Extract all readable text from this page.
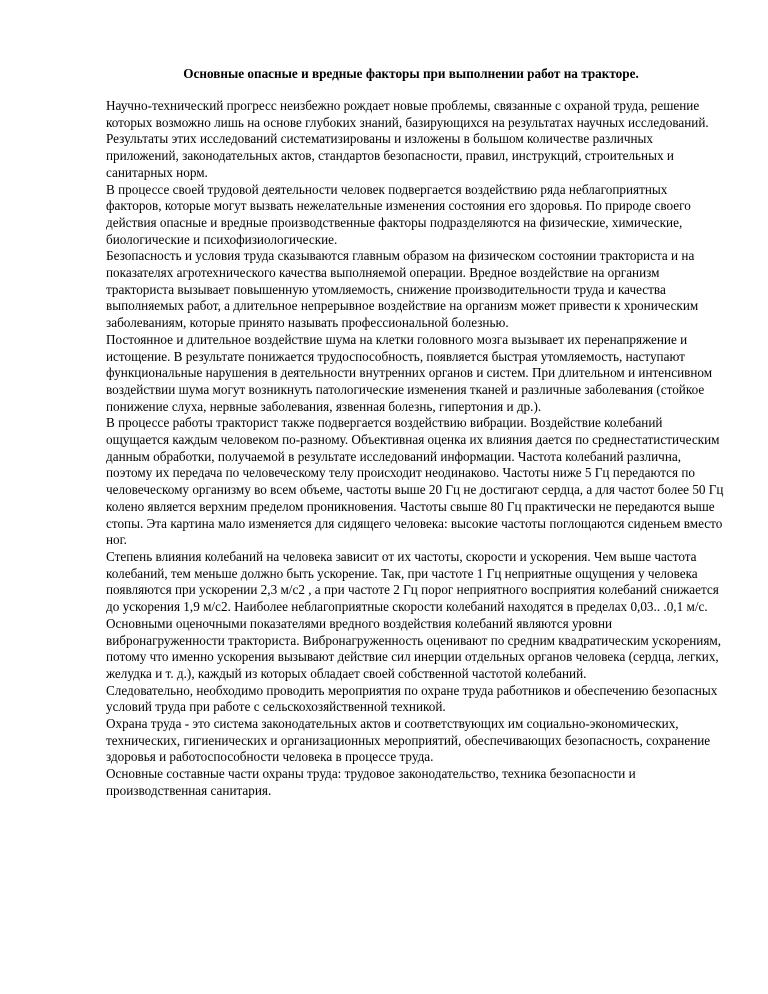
Основные опасные и вредные факторы при выполнении работ на тракторе.

Научно-технический прогресс неизбежно рождает новые проблемы, связанные с охраной труда, решение которых возможно лишь на основе глубоких знаний, базирующихся на результатах научных исследований. Результаты этих исследований систематизированы и изложены в большом количестве различных приложений, законодательных актов, стандартов безопасности, правил, инструкций, строительных и санитарных норм.

В процессе своей трудовой деятельности человек подвергается воздействию ряда неблагоприятных факторов, которые могут вызвать нежелательные изменения состояния его здоровья. По природе своего действия опасные и вредные производственные факторы подразделяются на физические, химические, биологические и психофизиологические.

Безопасность и условия труда сказываются главным образом на физическом состоянии тракториста и на показателях агротехнического качества выполняемой операции. Вредное воздействие на организм тракториста вызывает повышенную утомляемость, снижение производительности труда и качества выполняемых работ, а длительное непрерывное воздействие на организм может привести к хроническим заболеваниям, которые принято называть профессиональной болезнью.

Постоянное и длительное воздействие шума на клетки головного мозга вызывает их перенапряжение и истощение. В результате понижается трудоспособность, появляется быстрая утомляемость, наступают функциональные нарушения в деятельности внутренних органов и систем. При длительном и интенсивном воздействии шума могут возникнуть патологические изменения тканей и различные заболевания (стойкое понижение слуха, нервные заболевания, язвенная болезнь, гипертония и др.).

В процессе работы тракторист также подвергается воздействию вибрации. Воздействие колебаний ощущается каждым человеком по-разному. Объективная оценка их влияния дается по среднестатистическим данным обработки, получаемой в результате исследований информации. Частота колебаний различна, поэтому их передача по человеческому телу происходит неодинаково. Частоты ниже 5 Гц передаются по человеческому организму во всем объеме, частоты выше 20 Гц не достигают сердца, а для частот более 50 Гц колено является верхним пределом проникновения. Частоты свыше 80 Гц практически не передаются выше стопы. Эта картина мало изменяется для сидящего человека: высокие частоты поглощаются сиденьем вместо ног.

Степень влияния колебаний на человека зависит от их частоты, скорости и ускорения. Чем выше частота колебаний, тем меньше должно быть ускорение. Так, при частоте 1 Гц неприятные ощущения у человека появляются при ускорении 2,3 м/с2 , а при частоте 2 Гц порог неприятного восприятия колебаний снижается до ускорения 1,9 м/с2. Наиболее неблагоприятные скорости колебаний находятся в пределах 0,03.. .0,1 м/с.

Основными оценочными показателями вредного воздействия колебаний являются уровни вибронагруженности тракториста. Вибронагруженность оценивают по средним квадратическим ускорениям, потому что именно ускорения вызывают действие сил инерции отдельных органов человека (сердца, легких, желудка и т. д.), каждый из которых обладает своей собственной частотой колебаний.

Следовательно, необходимо проводить мероприятия по охране труда работников и обеспечению безопасных условий труда при работе с сельскохозяйственной техникой.

Охрана труда - это система законодательных актов и соответствующих им социально-экономических, технических, гигиенических и организационных мероприятий, обеспечивающих безопасность, сохранение здоровья и работоспособности человека в процессе труда.

Основные составные части охраны труда: трудовое законодательство, техника безопасности и производственная санитария.
